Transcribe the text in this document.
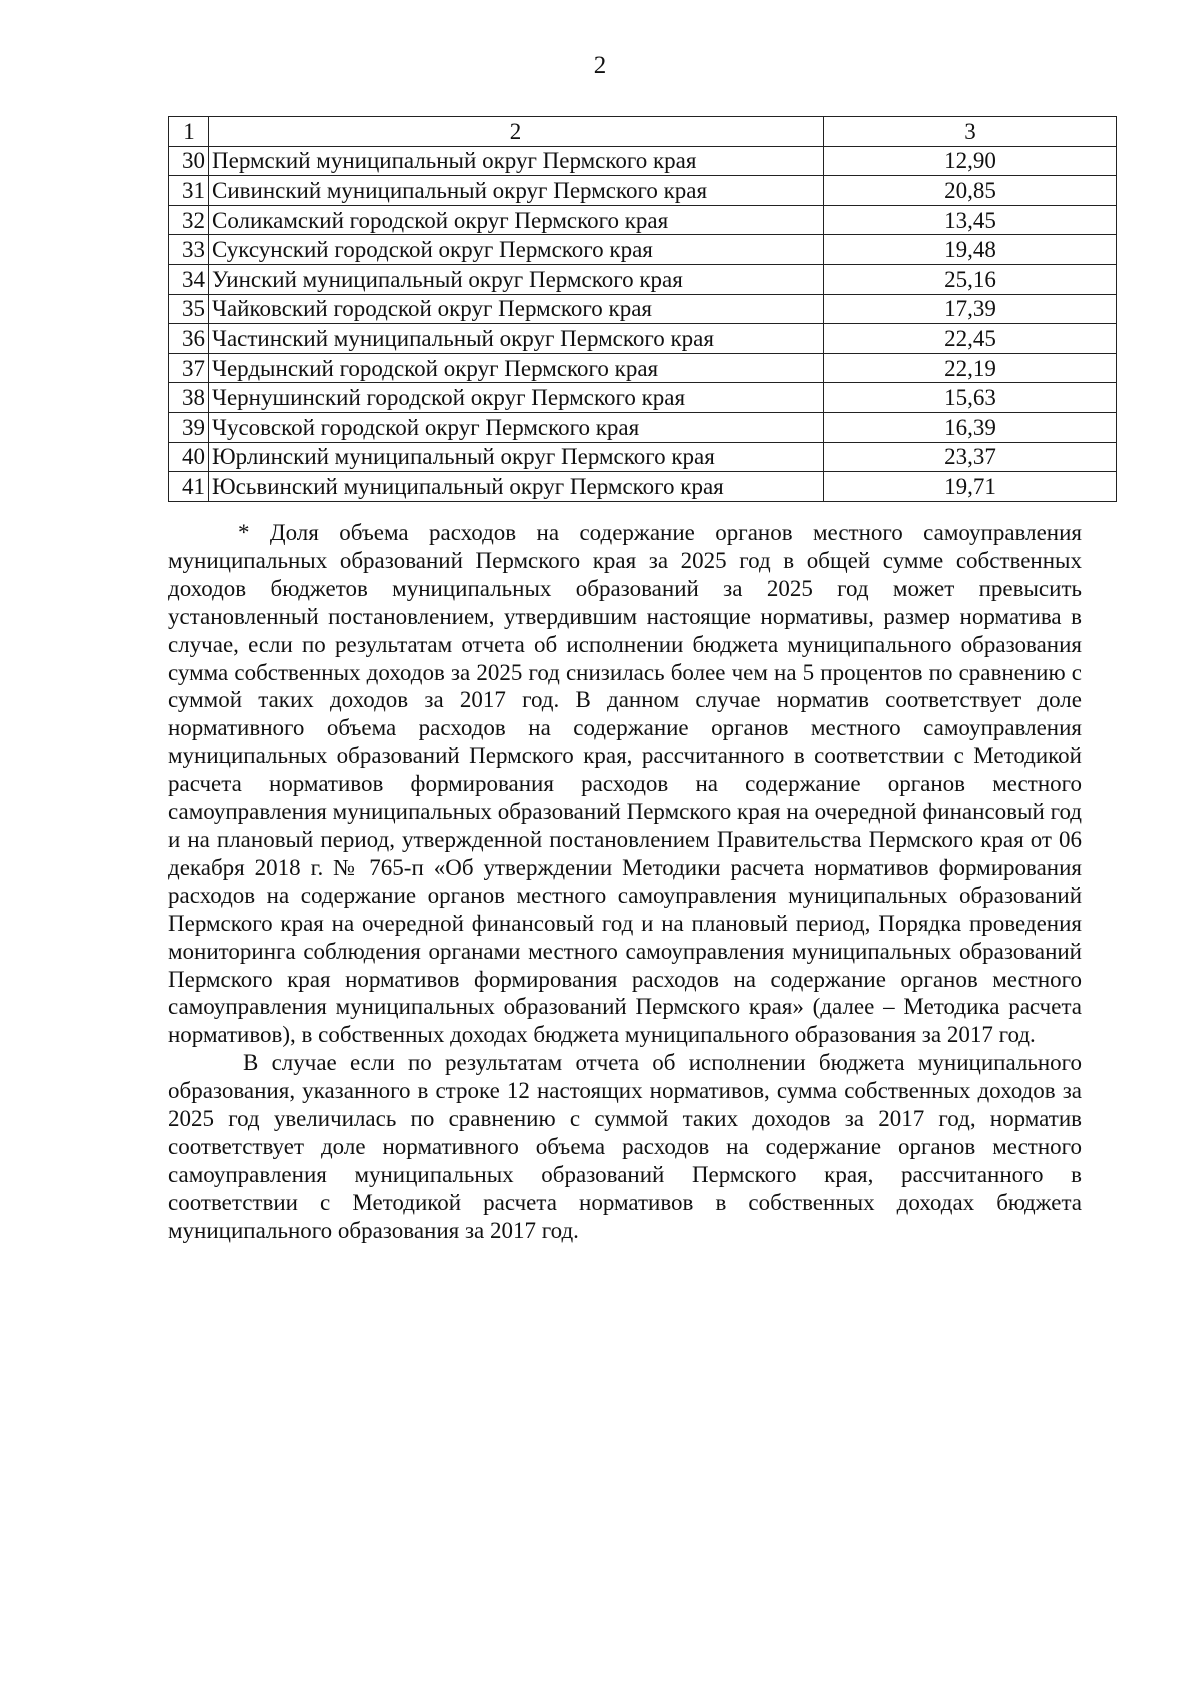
2
1	2	3
30	Пермский муниципальный округ Пермского края	12,90
31	Сивинский муниципальный округ Пермского края	20,85
32	Соликамский городской округ Пермского края	13,45
33	Суксунский городской округ Пермского края	19,48
34	Уинский муниципальный округ Пермского края	25,16
35	Чайковский городской округ Пермского края	17,39
36	Частинский муниципальный округ Пермского края	22,45
37	Чердынский городской округ Пермского края	22,19
38	Чернушинский городской округ Пермского края	15,63
39	Чусовской городской округ Пермского края	16,39
40	Юрлинский муниципальный округ Пермского края	23,37
41	Юсьвинский муниципальный округ Пермского края	19,71

* Доля объема расходов на содержание органов местного самоуправления муниципальных образований Пермского края за 2025 год в общей сумме собственных доходов бюджетов муниципальных образований за 2025 год может превысить установленный постановлением, утвердившим настоящие нормативы, размер норматива в случае, если по результатам отчета об исполнении бюджета муниципального образования сумма собственных доходов за 2025 год снизилась более чем на 5 процентов по сравнению с суммой таких доходов за 2017 год. В данном случае норматив соответствует доле нормативного объема расходов на содержание органов местного самоуправления муниципальных образований Пермского края, рассчитанного в соответствии с Методикой расчета нормативов формирования расходов на содержание органов местного самоуправления муниципальных образований Пермского края на очередной финансовый год и на плановый период, утвержденной постановлением Правительства Пермского края от 06 декабря 2018 г. № 765-п «Об утверждении Методики расчета нормативов формирования расходов на содержание органов местного самоуправления муниципальных образований Пермского края на очередной финансовый год и на плановый период, Порядка проведения мониторинга соблюдения органами местного самоуправления муниципальных образований Пермского края нормативов формирования расходов на содержание органов местного самоуправления муниципальных образований Пермского края» (далее – Методика расчета нормативов), в собственных доходах бюджета муниципального образования за 2017 год.

В случае если по результатам отчета об исполнении бюджета муниципального образования, указанного в строке 12 настоящих нормативов, сумма собственных доходов за 2025 год увеличилась по сравнению с суммой таких доходов за 2017 год, норматив соответствует доле нормативного объема расходов на содержание органов местного самоуправления муниципальных образований Пермского края, рассчитанного в соответствии с Методикой расчета нормативов в собственных доходах бюджета муниципального образования за 2017 год.
